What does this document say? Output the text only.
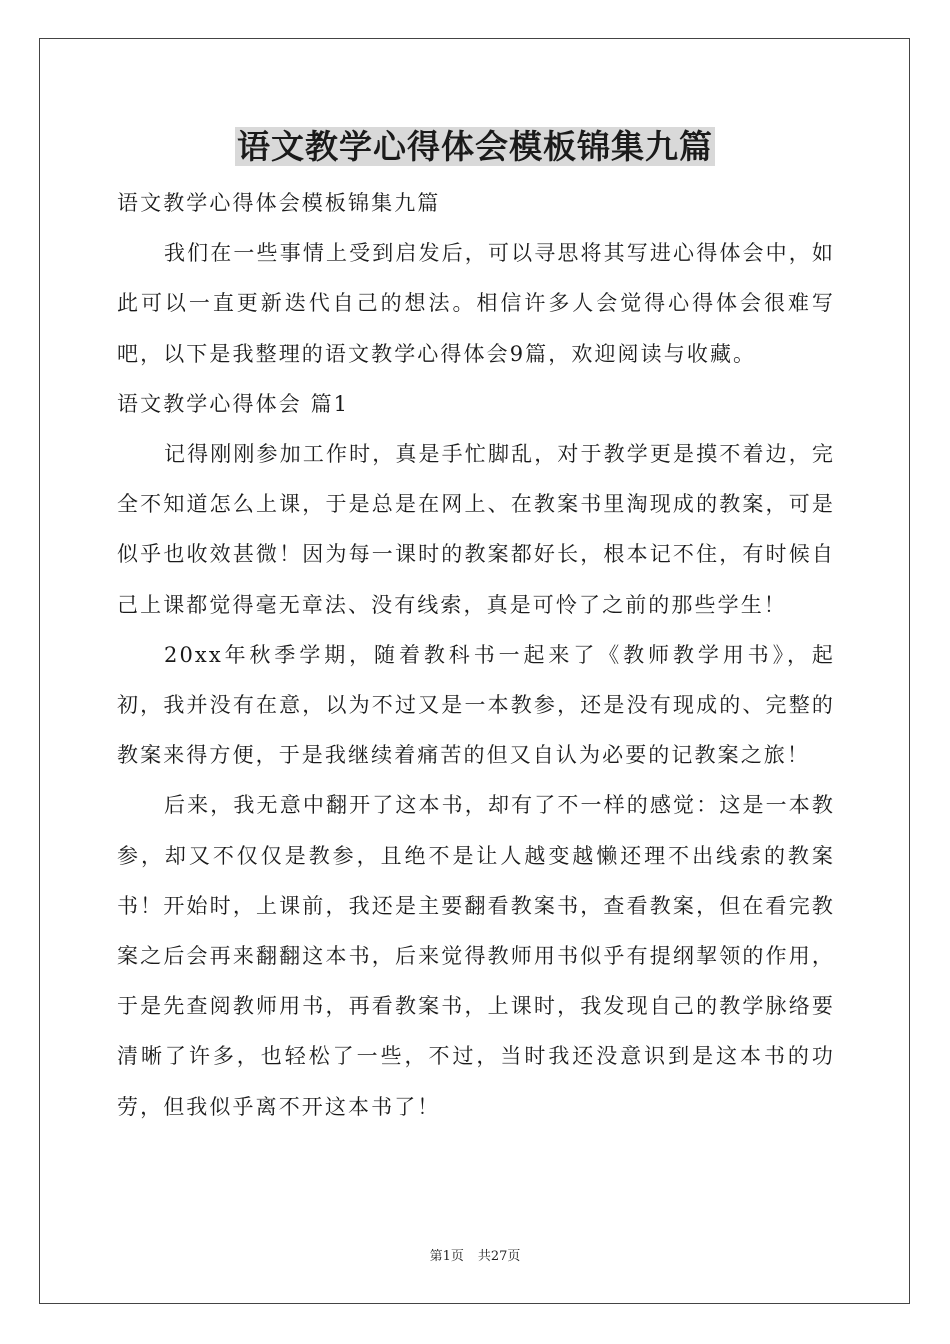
语文教学心得体会模板锦集九篇

语文教学心得体会模板锦集九篇

我们在一些事情上受到启发后，可以寻思将其写进心得体会中，如此可以一直更新迭代自己的想法。相信许多人会觉得心得体会很难写吧，以下是我整理的语文教学心得体会9篇，欢迎阅读与收藏。

语文教学心得体会 篇1

记得刚刚参加工作时，真是手忙脚乱，对于教学更是摸不着边，完全不知道怎么上课，于是总是在网上、在教案书里淘现成的教案，可是似乎也收效甚微！因为每一课时的教案都好长，根本记不住，有时候自己上课都觉得毫无章法、没有线索，真是可怜了之前的那些学生！

20xx年秋季学期，随着教科书一起来了《教师教学用书》，起初，我并没有在意，以为不过又是一本教参，还是没有现成的、完整的教案来得方便，于是我继续着痛苦的但又自认为必要的记教案之旅！

后来，我无意中翻开了这本书，却有了不一样的感觉：这是一本教参，却又不仅仅是教参，且绝不是让人越变越懒还理不出线索的教案书！开始时，上课前，我还是主要翻看教案书，查看教案，但在看完教案之后会再来翻翻这本书，后来觉得教师用书似乎有提纲挈领的作用，于是先查阅教师用书，再看教案书，上课时，我发现自己的教学脉络要清晰了许多，也轻松了一些，不过，当时我还没意识到是这本书的功劳，但我似乎离不开这本书了！

第1页 共27页
